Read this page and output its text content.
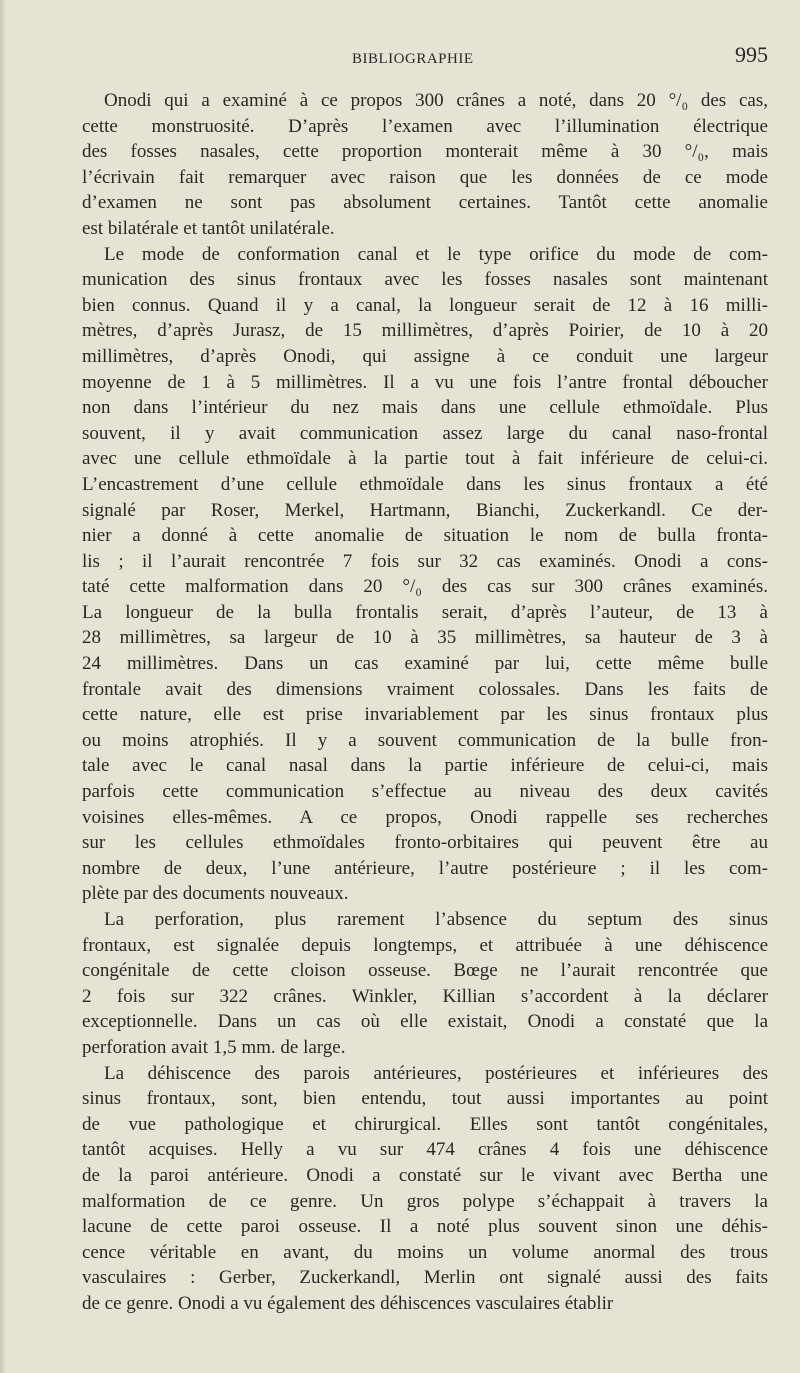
BIBLIOGRAPHIE	995
Onodi qui a examiné à ce propos 300 crânes a noté, dans 20 °/₀ des cas,
cette monstruosité. D’après l’examen avec l’illumination électrique
des fosses nasales, cette proportion monterait même à 30 °/₀, mais
l’écrivain fait remarquer avec raison que les données de ce mode
d’examen ne sont pas absolument certaines. Tantôt cette anomalie
est bilatérale et tantôt unilatérale.
Le mode de conformation canal et le type orifice du mode de com-
munication des sinus frontaux avec les fosses nasales sont maintenant
bien connus. Quand il y a canal, la longueur serait de 12 à 16 milli-
mètres, d’après Jurasz, de 15 millimètres, d’après Poirier, de 10 à 20
millimètres, d’après Onodi, qui assigne à ce conduit une largeur
moyenne de 1 à 5 millimètres. Il a vu une fois l’antre frontal déboucher
non dans l’intérieur du nez mais dans une cellule ethmoïdale. Plus
souvent, il y avait communication assez large du canal naso-frontal
avec une cellule ethmoïdale à la partie tout à fait inférieure de celui-ci.
L’encastrement d’une cellule ethmoïdale dans les sinus frontaux a été
signalé par Roser, Merkel, Hartmann, Bianchi, Zuckerkandl. Ce der-
nier a donné à cette anomalie de situation le nom de bulla fronta-
lis ; il l’aurait rencontrée 7 fois sur 32 cas examinés. Onodi a cons-
taté cette malformation dans 20 °/₀ des cas sur 300 crânes examinés.
La longueur de la bulla frontalis serait, d’après l’auteur, de 13 à
28 millimètres, sa largeur de 10 à 35 millimètres, sa hauteur de 3 à
24 millimètres. Dans un cas examiné par lui, cette même bulle
frontale avait des dimensions vraiment colossales. Dans les faits de
cette nature, elle est prise invariablement par les sinus frontaux plus
ou moins atrophiés. Il y a souvent communication de la bulle fron-
tale avec le canal nasal dans la partie inférieure de celui-ci, mais
parfois cette communication s’effectue au niveau des deux cavités
voisines elles-mêmes. A ce propos, Onodi rappelle ses recherches
sur les cellules ethmoïdales fronto-orbitaires qui peuvent être au
nombre de deux, l’une antérieure, l’autre postérieure ; il les com-
plète par des documents nouveaux.
La perforation, plus rarement l’absence du septum des sinus
frontaux, est signalée depuis longtemps, et attribuée à une déhiscence
congénitale de cette cloison osseuse. Bœge ne l’aurait rencontrée que
2 fois sur 322 crânes. Winkler, Killian s’accordent à la déclarer
exceptionnelle. Dans un cas où elle existait, Onodi a constaté que la
perforation avait 1,5 mm. de large.
La déhiscence des parois antérieures, postérieures et inférieures des
sinus frontaux, sont, bien entendu, tout aussi importantes au point
de vue pathologique et chirurgical. Elles sont tantôt congénitales,
tantôt acquises. Helly a vu sur 474 crânes 4 fois une déhiscence
de la paroi antérieure. Onodi a constaté sur le vivant avec Bertha une
malformation de ce genre. Un gros polype s’échappait à travers la
lacune de cette paroi osseuse. Il a noté plus souvent sinon une déhis-
cence véritable en avant, du moins un volume anormal des trous
vasculaires : Gerber, Zuckerkandl, Merlin ont signalé aussi des faits
de ce genre. Onodi a vu également des déhiscences vasculaires établir
